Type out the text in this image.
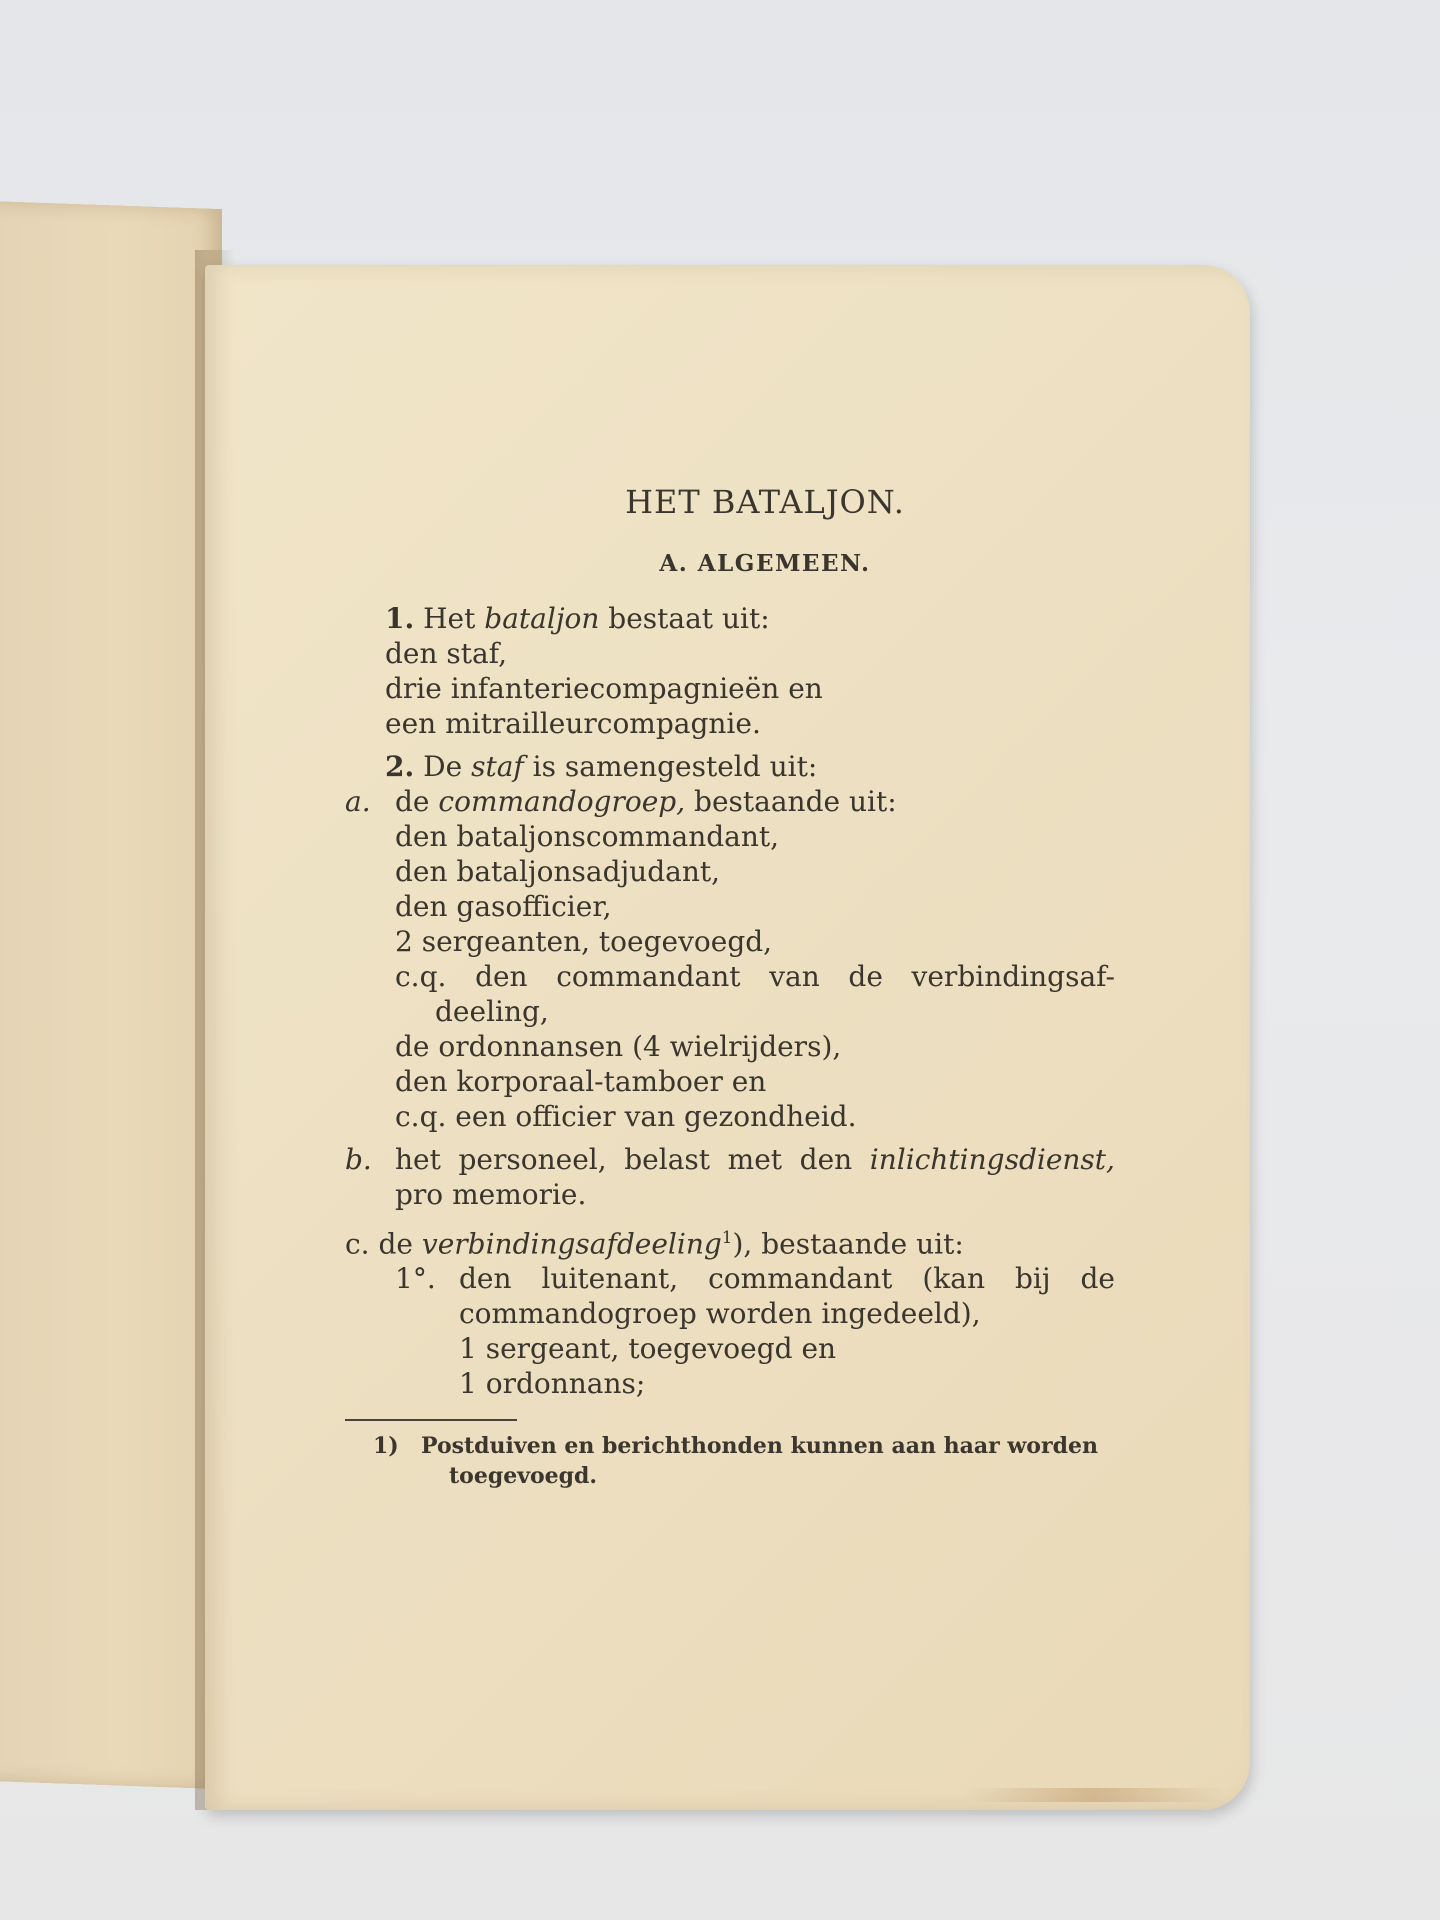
HET BATALJON.
A. ALGEMEEN.
1. Het bataljon bestaat uit:
den staf,
drie infanteriecompagnieën en
een mitrailleurcompagnie.
2. De staf is samengesteld uit:
a. de commandogroep, bestaande uit:
den bataljonscommandant,
den bataljonsadjudant,
den gasofficier,
2 sergeanten, toegevoegd,
c.q. den commandant van de verbindingsaf-
deeling,
de ordonnansen (4 wielrijders),
den korporaal-tamboer en
c.q. een officier van gezondheid.
b. het personeel, belast met den inlichtingsdienst,
pro memorie.
c. de verbindingsafdeeling$^1$), bestaande uit:
1°. den luitenant, commandant (kan bij de
commandogroep worden ingedeeld),
1 sergeant, toegevoegd en
1 ordonnans;
1) Postduiven en berichthonden kunnen aan haar worden
toegevoegd.
